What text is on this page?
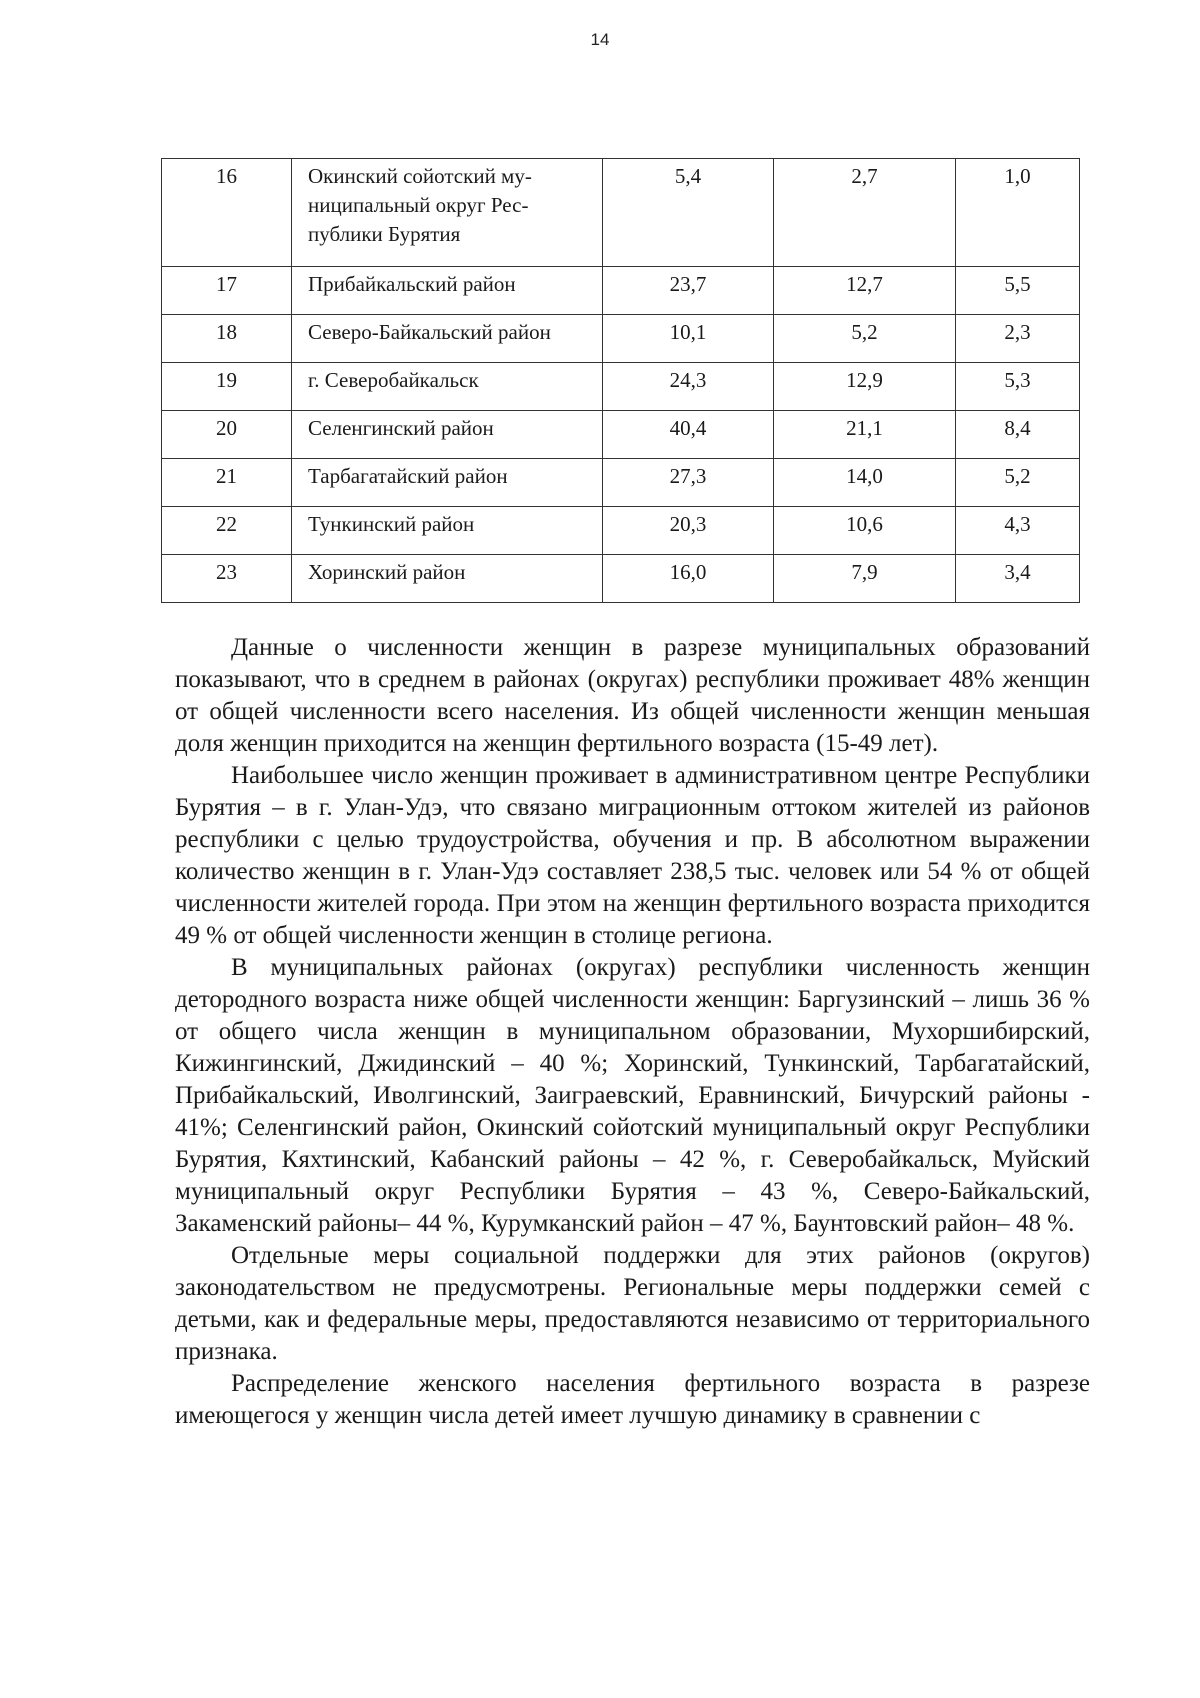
14
16	Окинский сойотский му-
ниципальный округ Рес-
публики Бурятия	5,4	2,7	1,0
17	Прибайкальский район	23,7	12,7	5,5
18	Северо-Байкальский район	10,1	5,2	2,3
19	г. Северобайкальск	24,3	12,9	5,3
20	Селенгинский район	40,4	21,1	8,4
21	Тарбагатайский район	27,3	14,0	5,2
22	Тункинский район	20,3	10,6	4,3
23	Хоринский район	16,0	7,9	3,4

Данные о численности женщин в разрезе муниципальных образований показывают, что в среднем в районах (округах) республики проживает 48% женщин от общей численности всего населения. Из общей численности женщин меньшая доля женщин приходится на женщин фертильного возраста (15-49 лет).

Наибольшее число женщин проживает в административном центре Республики Бурятия – в г. Улан-Удэ, что связано миграционным оттоком жителей из районов республики с целью трудоустройства, обучения и пр. В абсолютном выражении количество женщин в г. Улан-Удэ составляет 238,5 тыс. человек или 54 % от общей численности жителей города. При этом на женщин фертильного возраста приходится 49 % от общей численности женщин в столице региона.

В муниципальных районах (округах) республики численность женщин детородного возраста ниже общей численности женщин: Баргузинский – лишь 36 % от общего числа женщин в муниципальном образовании, Мухоршибирский, Кижингинский, Джидинский – 40 %; Хоринский, Тункинский, Тарбагатайский, Прибайкальский, Иволгинский, Заиграевский, Еравнинский, Бичурский районы - 41%; Селенгинский район, Окинский сойотский муниципальный округ Республики Бурятия, Кяхтинский, Кабанский районы – 42 %, г. Северобайкальск, Муйский муниципальный округ Республики Бурятия – 43 %, Северо-Байкальский, Закаменский районы– 44 %, Курумканский район – 47 %, Баунтовский район– 48 %.

Отдельные меры социальной поддержки для этих районов (округов) законодательством не предусмотрены. Региональные меры поддержки семей с детьми, как и федеральные меры, предоставляются независимо от территориального признака.

Распределение женского населения фертильного возраста в разрезе имеющегося у женщин числа детей имеет лучшую динамику в сравнении с
